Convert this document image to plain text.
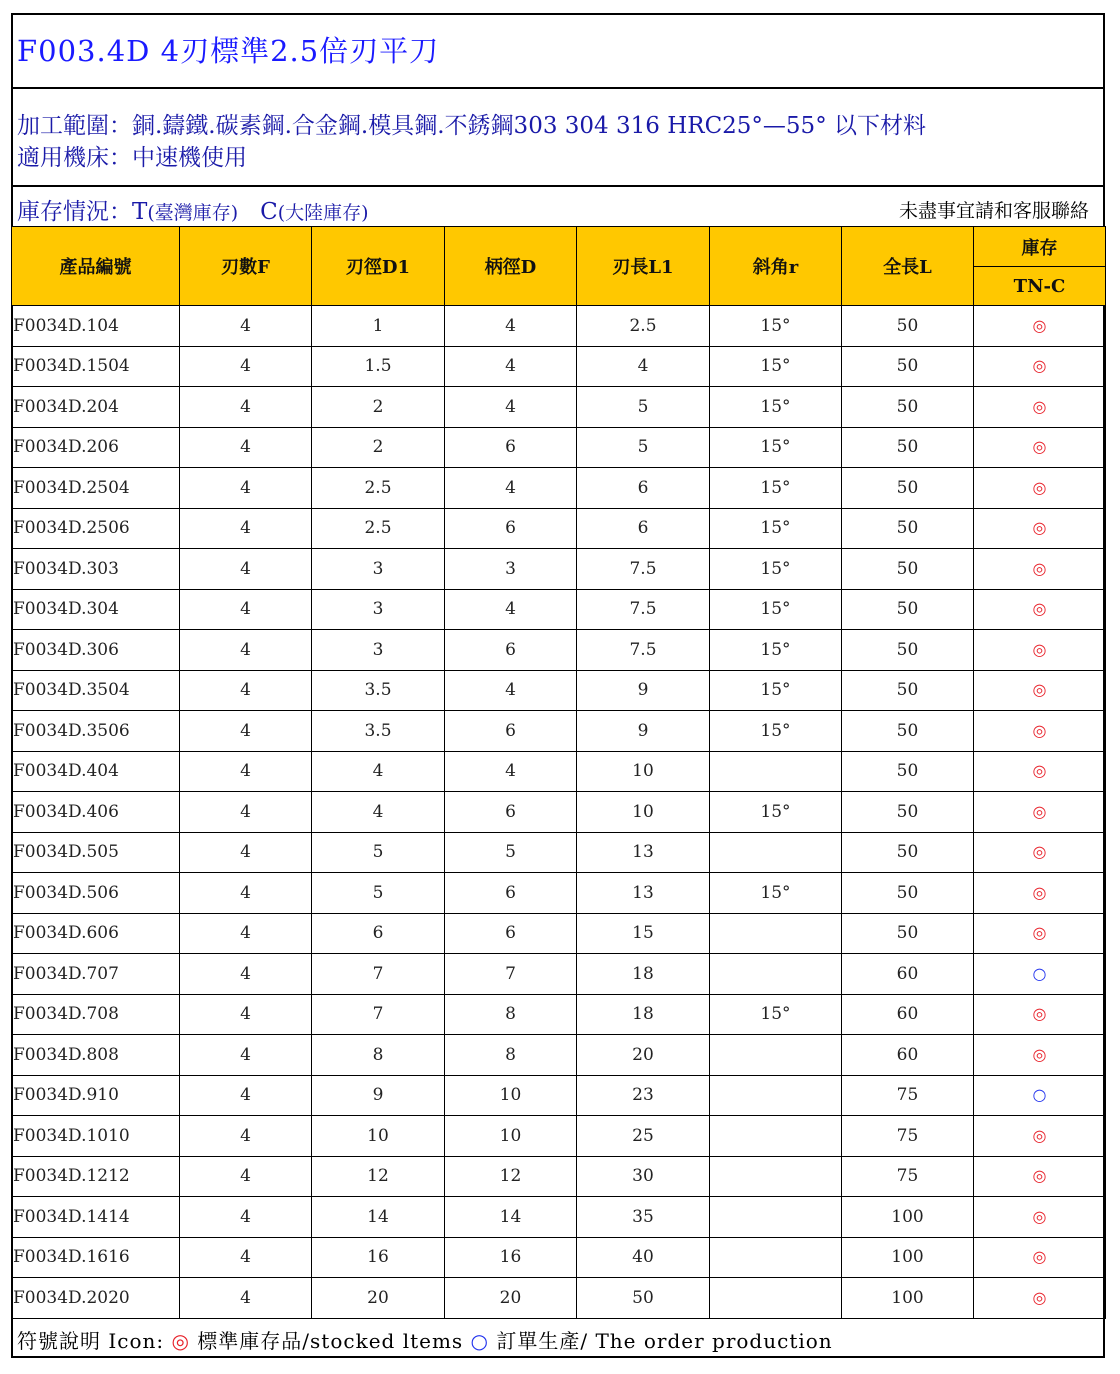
F003.4D 4刃標準2.5倍刃平刀
加工範圍：銅.鑄鐵.碳素鋼.合金鋼.模具鋼.不銹鋼303 304 316 HRC25°—55° 以下材料
適用機床：中速機使用
庫存情況：T(臺灣庫存) C(大陸庫存)	未盡事宜請和客服聯絡
產品編號	刃數F	刃徑D1	柄徑D	刃長L1	斜角r	全長L	庫存
							TN-C
F0034D.104	4	1	4	2.5	15°	50	◎
F0034D.1504	4	1.5	4	4	15°	50	◎
F0034D.204	4	2	4	5	15°	50	◎
F0034D.206	4	2	6	5	15°	50	◎
F0034D.2504	4	2.5	4	6	15°	50	◎
F0034D.2506	4	2.5	6	6	15°	50	◎
F0034D.303	4	3	3	7.5	15°	50	◎
F0034D.304	4	3	4	7.5	15°	50	◎
F0034D.306	4	3	6	7.5	15°	50	◎
F0034D.3504	4	3.5	4	9	15°	50	◎
F0034D.3506	4	3.5	6	9	15°	50	◎
F0034D.404	4	4	4	10		50	◎
F0034D.406	4	4	6	10	15°	50	◎
F0034D.505	4	5	5	13		50	◎
F0034D.506	4	5	6	13	15°	50	◎
F0034D.606	4	6	6	15		50	◎
F0034D.707	4	7	7	18		60	○
F0034D.708	4	7	8	18	15°	60	◎
F0034D.808	4	8	8	20		60	◎
F0034D.910	4	9	10	23		75	○
F0034D.1010	4	10	10	25		75	◎
F0034D.1212	4	12	12	30		75	◎
F0034D.1414	4	14	14	35		100	◎
F0034D.1616	4	16	16	40		100	◎
F0034D.2020	4	20	20	50		100	◎
符號說明 Icon: ◎ 標準庫存品/stocked ltems ○ 訂單生產/ The order production
